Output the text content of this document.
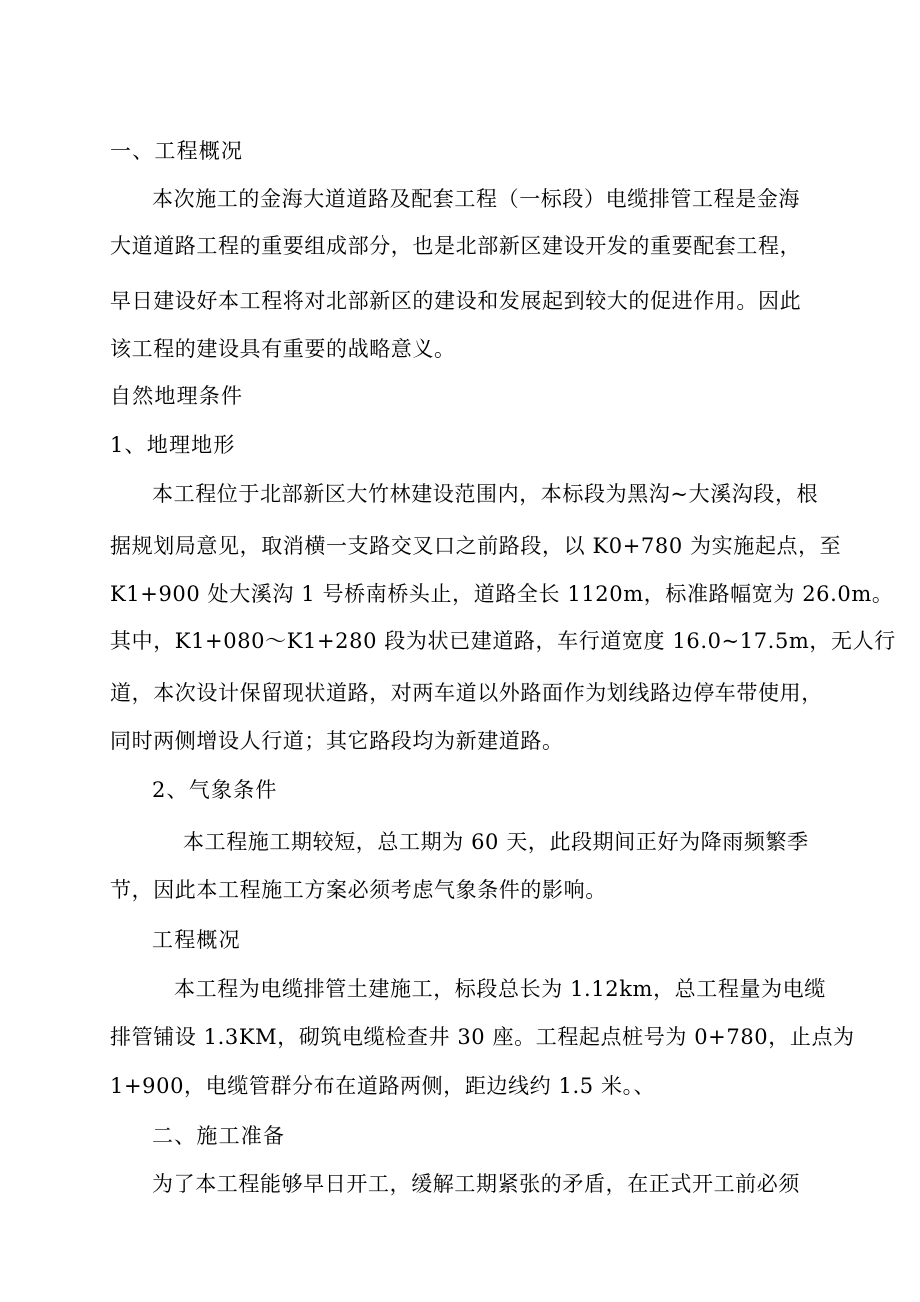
一、工程概况
本次施工的金海大道道路及配套工程（一标段）电缆排管工程是金海
大道道路工程的重要组成部分，也是北部新区建设开发的重要配套工程，
早日建设好本工程将对北部新区的建设和发展起到较大的促进作用。因此
该工程的建设具有重要的战略意义。
自然地理条件
1、地理地形
本工程位于北部新区大竹林建设范围内，本标段为黑沟~大溪沟段，根
据规划局意见，取消横一支路交叉口之前路段，以 K0+780 为实施起点，至
K1+900 处大溪沟 1 号桥南桥头止，道路全长 1120m，标准路幅宽为 26.0m。
其中，K1+080～K1+280 段为状已建道路，车行道宽度 16.0~17.5m，无人行
道，本次设计保留现状道路，对两车道以外路面作为划线路边停车带使用，
同时两侧增设人行道；其它路段均为新建道路。
2、气象条件
本工程施工期较短，总工期为 60 天，此段期间正好为降雨频繁季
节，因此本工程施工方案必须考虑气象条件的影响。
工程概况
本工程为电缆排管土建施工，标段总长为 1.12km，总工程量为电缆
排管铺设 1.3KM，砌筑电缆检查井 30 座。工程起点桩号为 0+780，止点为
1+900，电缆管群分布在道路两侧，距边线约 1.5 米。、
二、施工准备
为了本工程能够早日开工，缓解工期紧张的矛盾，在正式开工前必须
